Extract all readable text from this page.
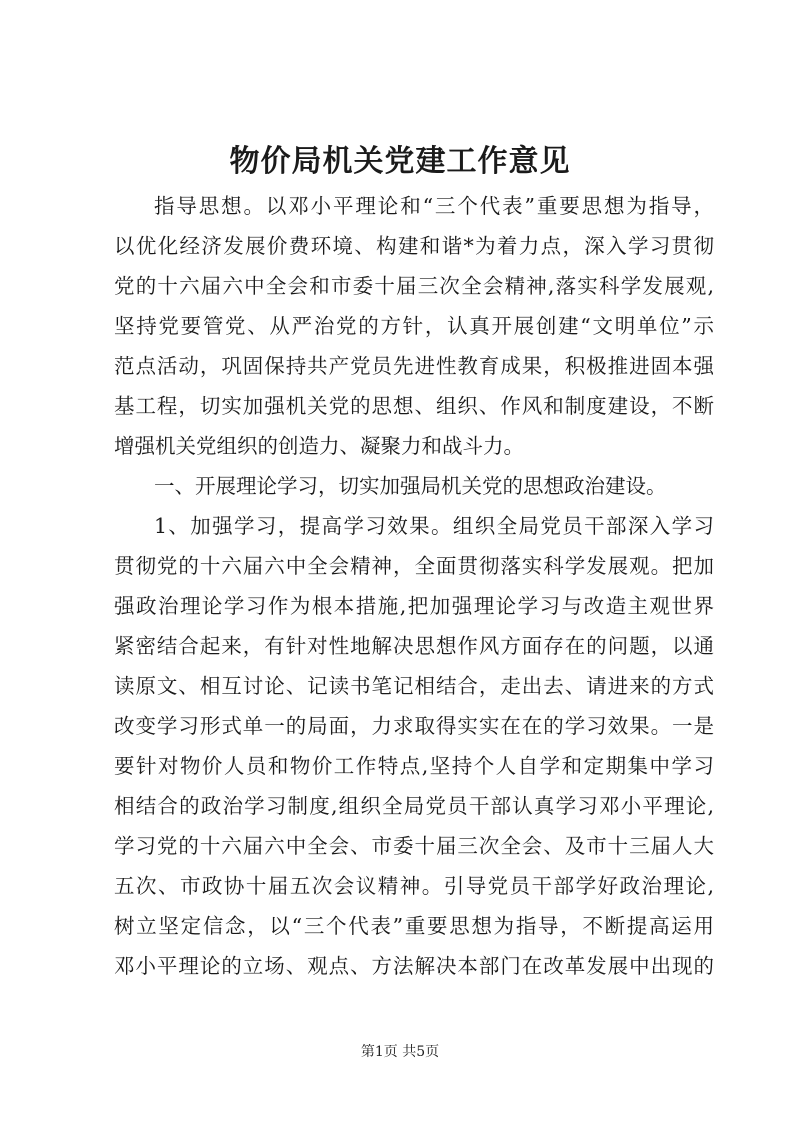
物价局机关党建工作意见
指导思想。以邓小平理论和“三个代表”重要思想为指导，
以优化经济发展价费环境、构建和谐*为着力点，深入学习贯彻
党的十六届六中全会和市委十届三次全会精神,落实科学发展观,
坚持党要管党、从严治党的方针，认真开展创建“文明单位”示
范点活动，巩固保持共产党员先进性教育成果，积极推进固本强
基工程，切实加强机关党的思想、组织、作风和制度建设，不断
增强机关党组织的创造力、凝聚力和战斗力。
一、开展理论学习，切实加强局机关党的思想政治建设。
1、加强学习，提高学习效果。组织全局党员干部深入学习
贯彻党的十六届六中全会精神，全面贯彻落实科学发展观。把加
强政治理论学习作为根本措施,把加强理论学习与改造主观世界
紧密结合起来，有针对性地解决思想作风方面存在的问题，以通
读原文、相互讨论、记读书笔记相结合，走出去、请进来的方式
改变学习形式单一的局面，力求取得实实在在的学习效果。一是
要针对物价人员和物价工作特点,坚持个人自学和定期集中学习
相结合的政治学习制度,组织全局党员干部认真学习邓小平理论,
学习党的十六届六中全会、市委十届三次全会、及市十三届人大
五次、市政协十届五次会议精神。引导党员干部学好政治理论,
树立坚定信念，以“三个代表”重要思想为指导，不断提高运用
邓小平理论的立场、观点、方法解决本部门在改革发展中出现的
第1页 共5页
